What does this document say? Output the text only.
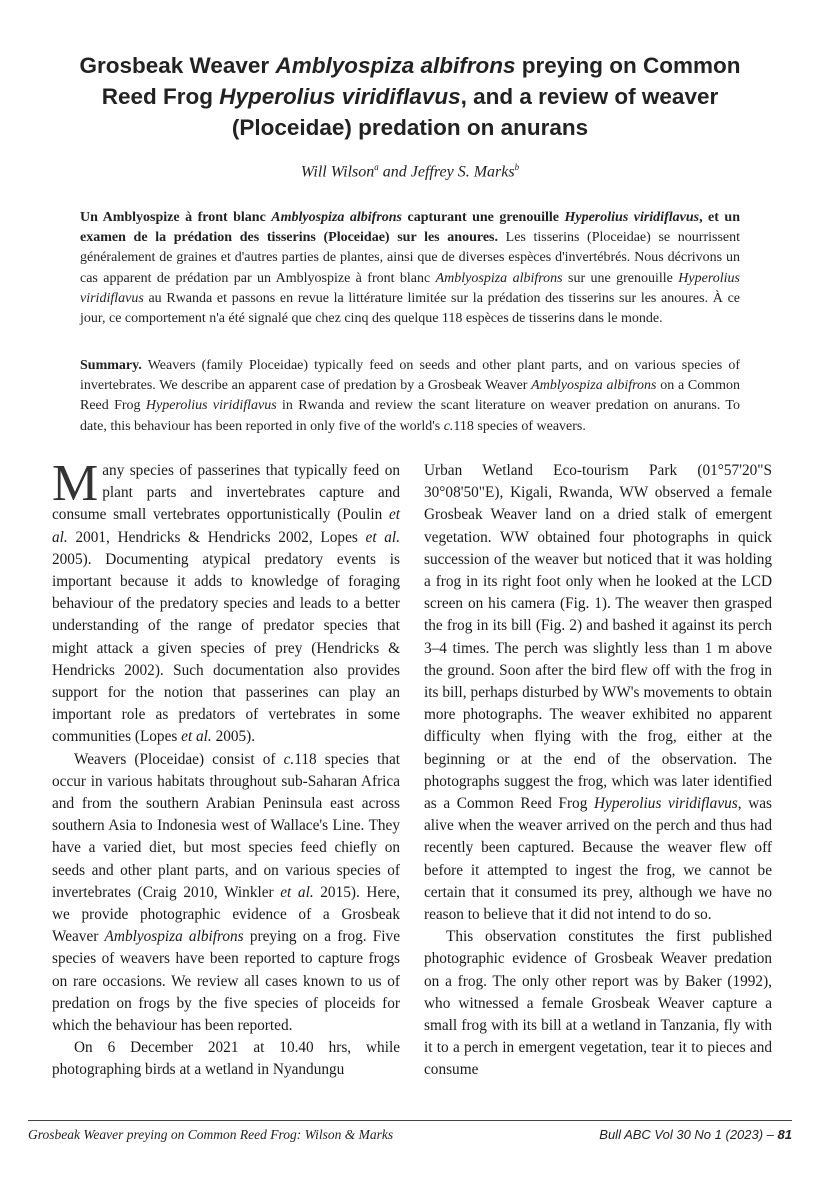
Grosbeak Weaver Amblyospiza albifrons preying on Common
Reed Frog Hyperolius viridiflavus, and a review of weaver
(Ploceidae) predation on anurans
Will Wilson$^a$ and Jeffrey S. Marks$^b$

Un Amblyospize à front blanc Amblyospiza albifrons capturant une grenouille Hyperolius viridiflavus, et un examen de la prédation des tisserins (Ploceidae) sur les anoures. Les tisserins (Ploceidae) se nourrissent généralement de graines et d'autres parties de plantes, ainsi que de diverses espèces d'invertébrés. Nous décrivons un cas apparent de prédation par un Amblyospize à front blanc Amblyospiza albifrons sur une grenouille Hyperolius viridiflavus au Rwanda et passons en revue la littérature limitée sur la prédation des tisserins sur les anoures. À ce jour, ce comportement n'a été signalé que chez cinq des quelque 118 espèces de tisserins dans le monde.

Summary. Weavers (family Ploceidae) typically feed on seeds and other plant parts, and on various species of invertebrates. We describe an apparent case of predation by a Grosbeak Weaver Amblyospiza albifrons on a Common Reed Frog Hyperolius viridiflavus in Rwanda and review the scant literature on weaver predation on anurans. To date, this behaviour has been reported in only five of the world's c.118 species of weavers.

Many species of passerines that typically feed on plant parts and invertebrates capture and consume small vertebrates opportunistically (Poulin et al. 2001, Hendricks & Hendricks 2002, Lopes et al. 2005). Documenting atypical predatory events is important because it adds to knowledge of foraging behaviour of the predatory species and leads to a better understanding of the range of predator species that might attack a given species of prey (Hendricks & Hendricks 2002). Such documentation also provides support for the notion that passerines can play an important role as predators of vertebrates in some communities (Lopes et al. 2005).

Weavers (Ploceidae) consist of c.118 species that occur in various habitats throughout sub-Saharan Africa and from the southern Arabian Peninsula east across southern Asia to Indonesia west of Wallace's Line. They have a varied diet, but most species feed chiefly on seeds and other plant parts, and on various species of invertebrates (Craig 2010, Winkler et al. 2015). Here, we provide photographic evidence of a Grosbeak Weaver Amblyospiza albifrons preying on a frog. Five species of weavers have been reported to capture frogs on rare occasions. We review all cases known to us of predation on frogs by the five species of ploceids for which the behaviour has been reported.

On 6 December 2021 at 10.40 hrs, while photographing birds at a wetland in Nyandungu

Urban Wetland Eco-tourism Park (01°57'20"S 30°08'50"E), Kigali, Rwanda, WW observed a female Grosbeak Weaver land on a dried stalk of emergent vegetation. WW obtained four photographs in quick succession of the weaver but noticed that it was holding a frog in its right foot only when he looked at the LCD screen on his camera (Fig. 1). The weaver then grasped the frog in its bill (Fig. 2) and bashed it against its perch 3–4 times. The perch was slightly less than 1 m above the ground. Soon after the bird flew off with the frog in its bill, perhaps disturbed by WW's movements to obtain more photographs. The weaver exhibited no apparent difficulty when flying with the frog, either at the beginning or at the end of the observation. The photographs suggest the frog, which was later identified as a Common Reed Frog Hyperolius viridiflavus, was alive when the weaver arrived on the perch and thus had recently been captured. Because the weaver flew off before it attempted to ingest the frog, we cannot be certain that it consumed its prey, although we have no reason to believe that it did not intend to do so.

This observation constitutes the first published photographic evidence of Grosbeak Weaver predation on a frog. The only other report was by Baker (1992), who witnessed a female Grosbeak Weaver capture a small frog with its bill at a wetland in Tanzania, fly with it to a perch in emergent vegetation, tear it to pieces and consume

Grosbeak Weaver preying on Common Reed Frog: Wilson & Marks	Bull ABC Vol 30 No 1 (2023) – 81
